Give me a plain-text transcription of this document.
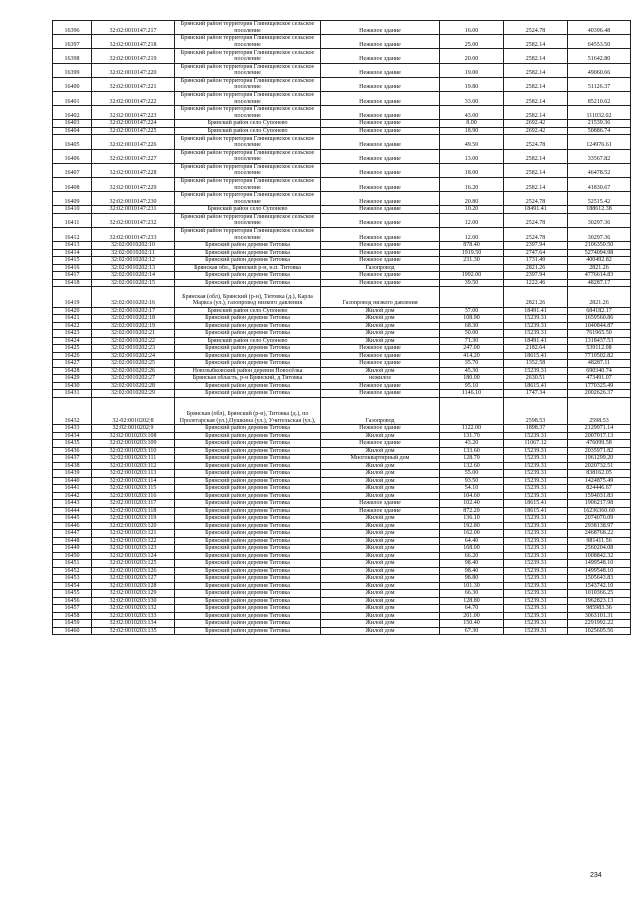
16396	32:02:0010147:217	Брянский район территория Глинищевское сельское поселение	Нежилое здание	16.00	2524.78	40396.48
16397	32:02:0010147:218	Брянский район территория Глинищевское сельское поселение	Нежилое здание	25.00	2582.14	64553.50
16398	32:02:0010147:219	Брянский район территория Глинищевское сельское поселение	Нежилое здание	20.00	2582.14	51642.80
16399	32:02:0010147:220	Брянский район территория Глинищевское сельское поселение	Нежилое здание	19.00	2582.14	49060.66
16400	32:02:0010147:221	Брянский район территория Глинищевское сельское поселение	Нежилое здание	19.80	2582.14	51126.37
16401	32:02:0010147:222	Брянский район территория Глинищевское сельское поселение	Нежилое здание	33.00	2582.14	85210.62
16402	32:02:0010147:223	Брянский район территория Глинищевское сельское поселение	Нежилое здание	43.00	2582.14	111032.02
16403	32:02:0010147:224	Брянский район село Супонево	Нежилое здание	8.00	2692.42	21539.36
16404	32:02:0010147:225	Брянский район село Супонево	Нежилое здание	18.90	2692.42	50886.74
16405	32:02:0010147:226	Брянский район территория Глинищевское сельское поселение	Нежилое здание	49.50	2524.78	124976.61
16406	32:02:0010147:227	Брянский район территория Глинищевское сельское поселение	Нежилое здание	13.00	2582.14	33567.82
16407	32:02:0010147:228	Брянский район территория Глинищевское сельское поселение	Нежилое здание	18.00	2582.14	46478.52
16408	32:02:0010147:229	Брянский район территория Глинищевское сельское поселение	Нежилое здание	16.20	2582.14	41830.67
16409	32:02:0010147:230	Брянский район территория Глинищевское сельское поселение	Нежилое здание	20.80	2524.78	52515.42
16410	32:02:0010147:231	Брянский район село Супонево	Нежилое здание	10.20	18491.41	188612.38
16411	32:02:0010147:232	Брянский район территория Глинищевское сельское поселение	Нежилое здание	12.00	2524.78	30297.36
16412	32:02:0010147:233	Брянский район территория Глинищевское сельское поселение	Нежилое здание	12.00	2524.78	30297.36
16413	32:02:0010202:10	Брянский район деревня Титовка	Нежилое здание	878.40	2397.94	2106350.50
16414	32:02:0010202:11	Брянский район деревня Титовка	Нежилое здание	1919.50	2747.64	5274094.98
16415	32:02:0010202:12	Брянский район деревня Титовка	Нежилое здание	231.30	1731.49	400492.82
16416	32:02:0010202:13	Брянская обл., Брянский р-н, н.п. Титовка	Газопровод		2821.26	2821.26
16417	32:02:0010202:14	Брянский район деревня Титовка	Нежилое здание	1992.00	2397.94	4776614.83
16418	32:02:0010202:15	Брянский район деревня Титовка	Нежилое здание	39.50	1222.46	48287.17
16419	32:02:0010202:16	Брянская (обл), Брянский (р-н), Титовка (д.), Карла Маркса (ул.), газопровод низкого давления	Газопровод низкого давления		2821.26	2821.26
16420	32:02:0010202:17	Брянский район село Супонево	Жилой дом	37.00	18491.41	684182.17
16421	32:02:0010202:18	Брянский район деревня Титовка	Жилой дом	108.90	15239.31	1659560.86
16422	32:02:0010202:19	Брянский район деревня Титовка	Жилой дом	68.30	15239.31	1040844.87
16423	32:02:0010202:21	Брянский район деревня Титовка	Жилой дом	50.00	15239.31	761965.50
16424	32:02:0010202:22	Брянский район село Супонево	Жилой дом	71.30	18491.41	1318437.53
16425	32:02:0010202:23	Брянский район деревня Титовка	Нежилое здание	247.00	2182.64	539112.08
16426	32:02:0010202:24	Брянский район деревня Титовка	Нежилое здание	414.20	18615.41	7710502.82
16427	32:02:0010202:25	Брянский район деревня Титовка	Нежилое здание	35.70	1352.58	48287.11
16428	32:02:0010202:26	Новозыбковский район деревня Новосёлка	Жилой дом	45.30	15239.31	690340.74
16429	32:02:0010202:27	Брянская область, р-н Брянский, д Титовка	нежилое	180.00	2630.51	473491.07
16430	32:02:0010202:28	Брянский район деревня Титовка	Нежилое здание	95.10	18615.41	1770325.49
16431	32:02:0010202:29	Брянский район деревня Титовка	Нежилое здание	1146.10	1747.34	2002626.37
16432	32-02:0010202:8	Брянская (обл), Брянский (р-н), Титовка (д.), по Пролетарская (ул.),Пушкина (ул.), Учительская (ул.),	Газопровод		2598.53	2598.53
16433	32:02:0010202:9	Брянский район деревня Титовка	Нежилое здание	1122.00	1898.37	2129971.14
16434	32:02:0010203:108	Брянский район деревня Титовка	Жилой дом	131.70	15239.31	2007017.13
16435	32:02:0010203:109	Брянский район деревня Титовка	Нежилое здание	43.20	11067.12	476099.58
16436	32:02:0010203:110	Брянский район деревня Титовка	Жилой дом	133.60	15239.31	2035971.82
16437	32:02:0010203:111	Брянский район деревня Титовка	Многоквартирный дом	128.70	15239.31	1961299.20
16438	32:02:0010203:112	Брянский район деревня Титовка	Жилой дом	132.60	15239.31	2020732.51
16439	32:02:0010203:113	Брянский район деревня Титовка	Жилой дом	55.00	15239.31	838162.05
16440	32:02:0010203:114	Брянский район деревня Титовка	Жилой дом	93.50	15239.31	1424875.49
16441	32:02:0010203:115	Брянский район деревня Титовка	Жилой дом	54.10	15239.31	824446.67
16442	32:02:0010203:116	Брянский район деревня Титовка	Жилой дом	104.60	15239.31	1594031.83
16443	32:02:0010203:117	Брянский район деревня Титовка	Нежилое здание	102.40	18615.41	1906217.98
16444	32:02:0010203:118	Брянский район деревня Титовка	Нежилое здание	872.20	18615.41	16236360.60
16445	32:02:0010203:119	Брянский район деревня Титовка	Жилой дом	136.10	15239.31	2074070.09
16446	32:02:0010203:120	Брянский район деревня Титовка	Жилой дом	192.80	15239.31	2938138.97
16447	32:02:0010203:121	Брянский район деревня Титовка	Жилой дом	162.00	15239.31	2468768.22
16448	32:02:0010203:122	Брянский район деревня Титовка	Жилой дом	64.40	15239.31	981411.56
16449	32:02:0010203:123	Брянский район деревня Титовка	Жилой дом	168.00	15239.31	2560204.08
16450	32:02:0010203:124	Брянский район деревня Титовка	Жилой дом	66.20	15239.31	1008842.32
16451	32:02:0010203:125	Брянский район деревня Титовка	Жилой дом	98.40	15239.31	1499548.10
16452	32:02:0010203:126	Брянский район деревня Титовка	Жилой дом	98.40	15239.31	1499548.10
16453	32:02:0010203:127	Брянский район деревня Титовка	Жилой дом	98.80	15239.31	1505643.83
16454	32:02:0010203:128	Брянский район деревня Титовка	Жилой дом	101.30	15239.31	1543742.10
16455	32:02:0010203:129	Брянский район деревня Титовка	Жилой дом	66.30	15239.31	1010366.25
16456	32:02:0010203:130	Брянский район деревня Титовка	Жилой дом	128.80	15239.31	1962823.13
16457	32:02:0010203:132	Брянский район деревня Титовка	Жилой дом	64.70	15239.31	985983.36
16458	32:02:0010203:133	Брянский район деревня Титовка	Жилой дом	201.00	15239.31	3063101.31
16459	32:02:0010203:134	Брянский район деревня Титовка	Жилой дом	150.40	15239.31	2291992.22
16460	32:02:0010203:135	Брянский район деревня Титовка	Жилой дом	67.30	15239.31	1025605.56
234
